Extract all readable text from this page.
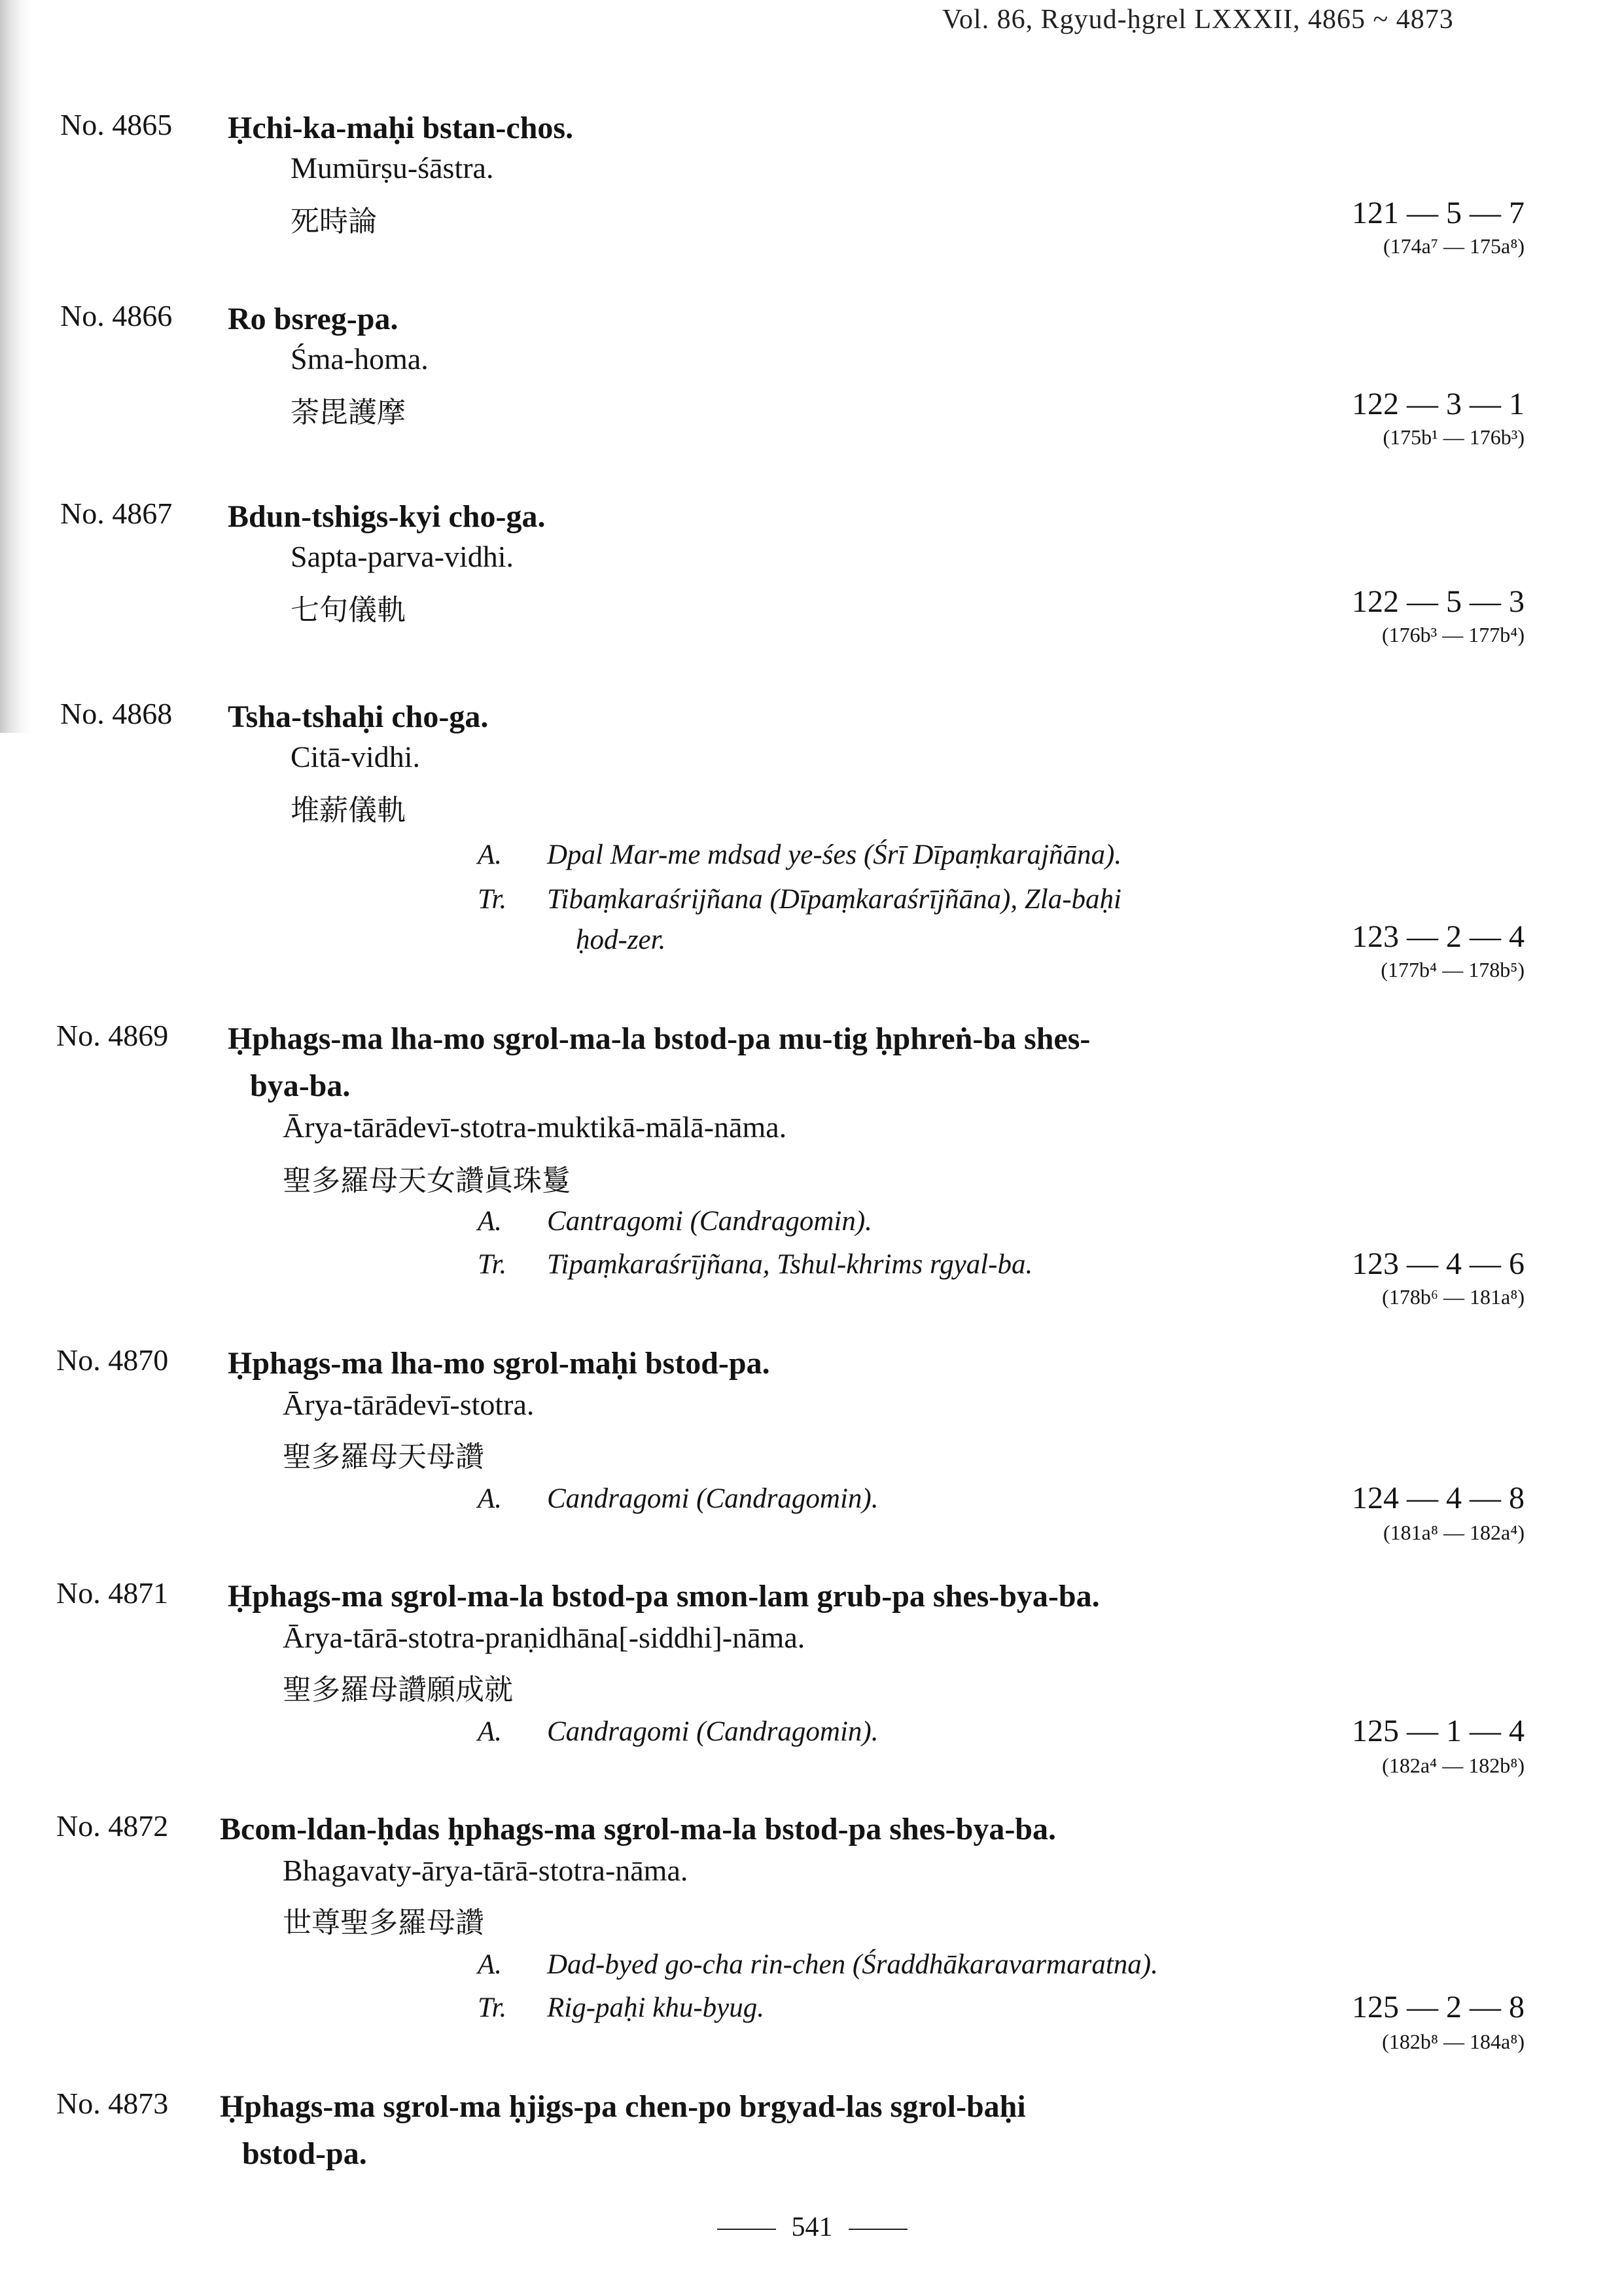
Vol. 86, Rgyud-ḥgrel LXXXII, 4865 ~ 4873
No. 4865 Ḥchi-ka-maḥi bstan-chos.
Mumūrṣu-śāstra.
死時論	121 — 5 — 7
(174a⁷ — 175a⁸)
No. 4866 Ro bsreg-pa.
Śma-homa.
荼毘護摩	122 — 3 — 1
(175b¹ — 176b³)
No. 4867 Bdun-tshigs-kyi cho-ga.
Sapta-parva-vidhi.
七句儀軌	122 — 5 — 3
(176b³ — 177b⁴)
No. 4868 Tsha-tshaḥi cho-ga.
Citā-vidhi.
堆薪儀軌
A.	Dpal Mar-me mdsad ye-śes (Śrī Dīpaṃkarajñāna).
Tr.	Tibaṃkaraśrijñana (Dīpaṃkaraśrījñāna), Zla-baḥi
ḥod-zer.	123 — 2 — 4
(177b⁴ — 178b⁵)
No. 4869 Ḥphags-ma lha-mo sgrol-ma-la bstod-pa mu-tig ḥphreṅ-ba shes-
bya-ba.
Ārya-tārādevī-stotra-muktikā-mālā-nāma.
聖多羅母天女讚眞珠鬘
A.	Cantragomi (Candragomin).
Tr.	Tipaṃkaraśrījñana, Tshul-khrims rgyal-ba.	123 — 4 — 6
(178b⁶ — 181a⁸)
No. 4870 Ḥphags-ma lha-mo sgrol-maḥi bstod-pa.
Ārya-tārādevī-stotra.
聖多羅母天母讚
A.	Candragomi (Candragomin).	124 — 4 — 8
(181a⁸ — 182a⁴)
No. 4871 Ḥphags-ma sgrol-ma-la bstod-pa smon-lam grub-pa shes-bya-ba.
Ārya-tārā-stotra-praṇidhāna[-siddhi]-nāma.
聖多羅母讚願成就
A.	Candragomi (Candragomin).	125 — 1 — 4
(182a⁴ — 182b⁸)
No. 4872 Bcom-ldan-ḥdas ḥphags-ma sgrol-ma-la bstod-pa shes-bya-ba.
Bhagavaty-ārya-tārā-stotra-nāma.
世尊聖多羅母讚
A.	Dad-byed go-cha rin-chen (Śraddhākaravarmaratna).
Tr.	Rig-paḥi khu-byug.	125 — 2 — 8
(182b⁸ — 184a⁸)
No. 4873 Ḥphags-ma sgrol-ma ḥjigs-pa chen-po brgyad-las sgrol-baḥi
bstod-pa.
541
